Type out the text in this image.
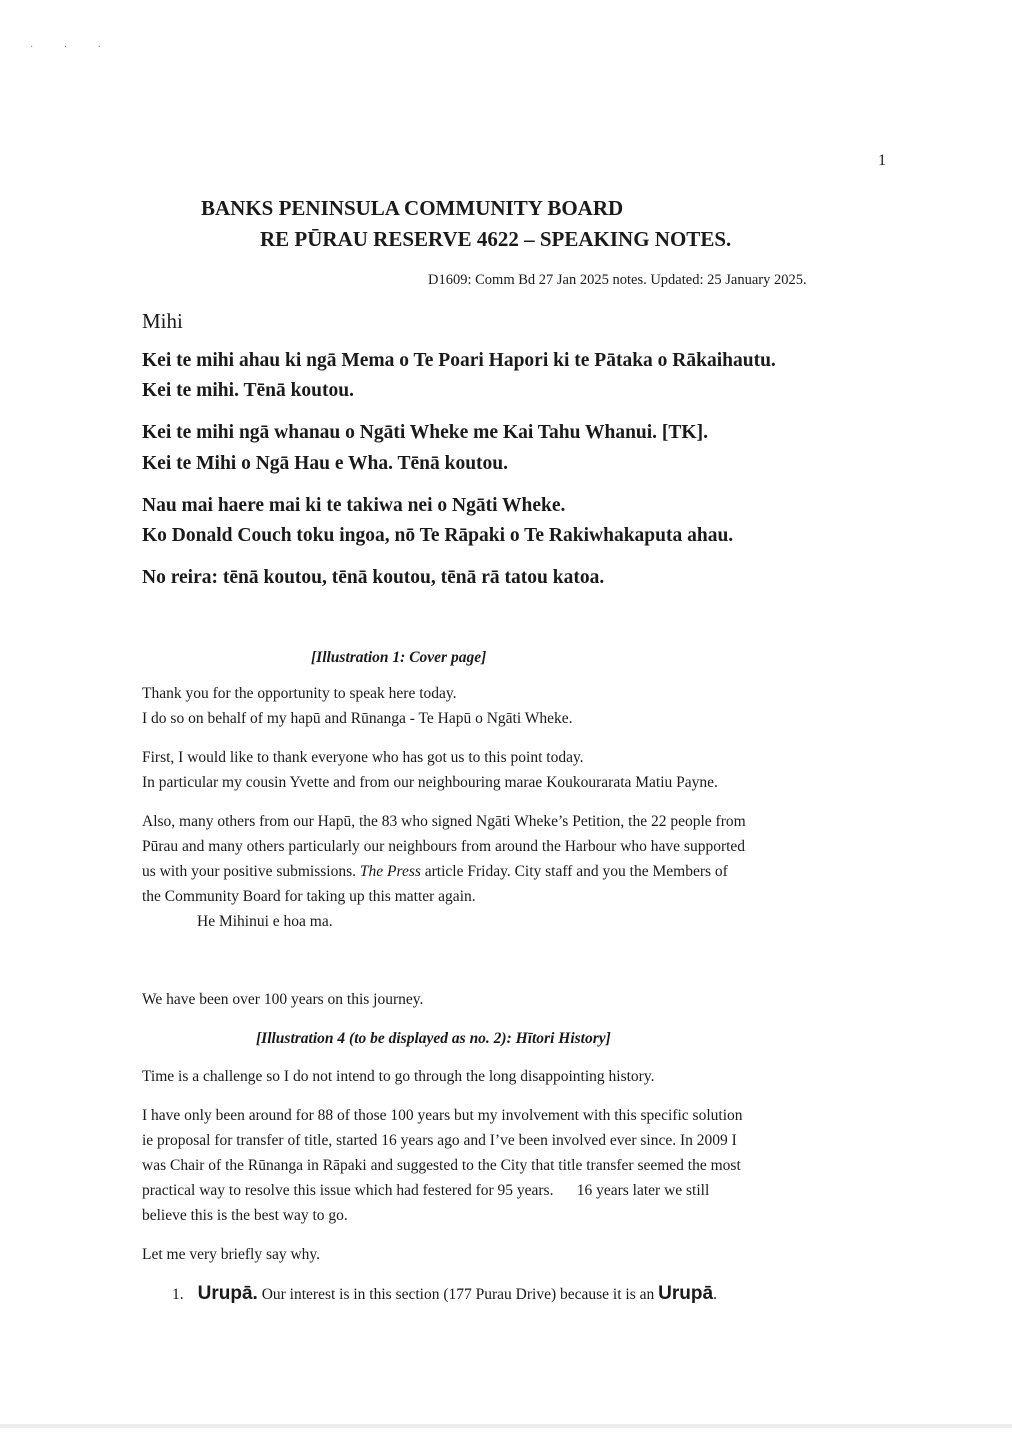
· · ·
1
BANKS PENINSULA COMMUNITY BOARD
RE PŪRAU RESERVE 4622 – SPEAKING NOTES.
D1609: Comm Bd 27 Jan 2025 notes. Updated: 25 January 2025.
Mihi
Kei te mihi ahau ki ngā Mema o Te Poari Hapori ki te Pātaka o Rākaihautu.
Kei te mihi. Tēnā koutou.
Kei te mihi ngā whanau o Ngāti Wheke me Kai Tahu Whanui. [TK].
Kei te Mihi o Ngā Hau e Wha. Tēnā koutou.
Nau mai haere mai ki te takiwa nei o Ngāti Wheke.
Ko Donald Couch toku ingoa, nō Te Rāpaki o Te Rakiwhakaputa ahau.
No reira: tēnā koutou, tēnā koutou, tēnā rā tatou katoa.
[Illustration 1: Cover page]
Thank you for the opportunity to speak here today.
I do so on behalf of my hapū and Rūnanga - Te Hapū o Ngāti Wheke.
First, I would like to thank everyone who has got us to this point today.
In particular my cousin Yvette and from our neighbouring marae Koukourarata Matiu Payne.
Also, many others from our Hapū, the 83 who signed Ngāti Wheke’s Petition, the 22 people from
Pūrau and many others particularly our neighbours from around the Harbour who have supported
us with your positive submissions. The Press article Friday. City staff and you the Members of
the Community Board for taking up this matter again.
He Mihinui e hoa ma.
We have been over 100 years on this journey.
[Illustration 4 (to be displayed as no. 2): Hītori History]
Time is a challenge so I do not intend to go through the long disappointing history.
I have only been around for 88 of those 100 years but my involvement with this specific solution
ie proposal for transfer of title, started 16 years ago and I’ve been involved ever since. In 2009 I
was Chair of the Rūnanga in Rāpaki and suggested to the City that title transfer seemed the most
practical way to resolve this issue which had festered for 95 years.      16 years later we still
believe this is the best way to go.
Let me very briefly say why.
1. Urupā. Our interest is in this section (177 Purau Drive) because it is an Urupā.
